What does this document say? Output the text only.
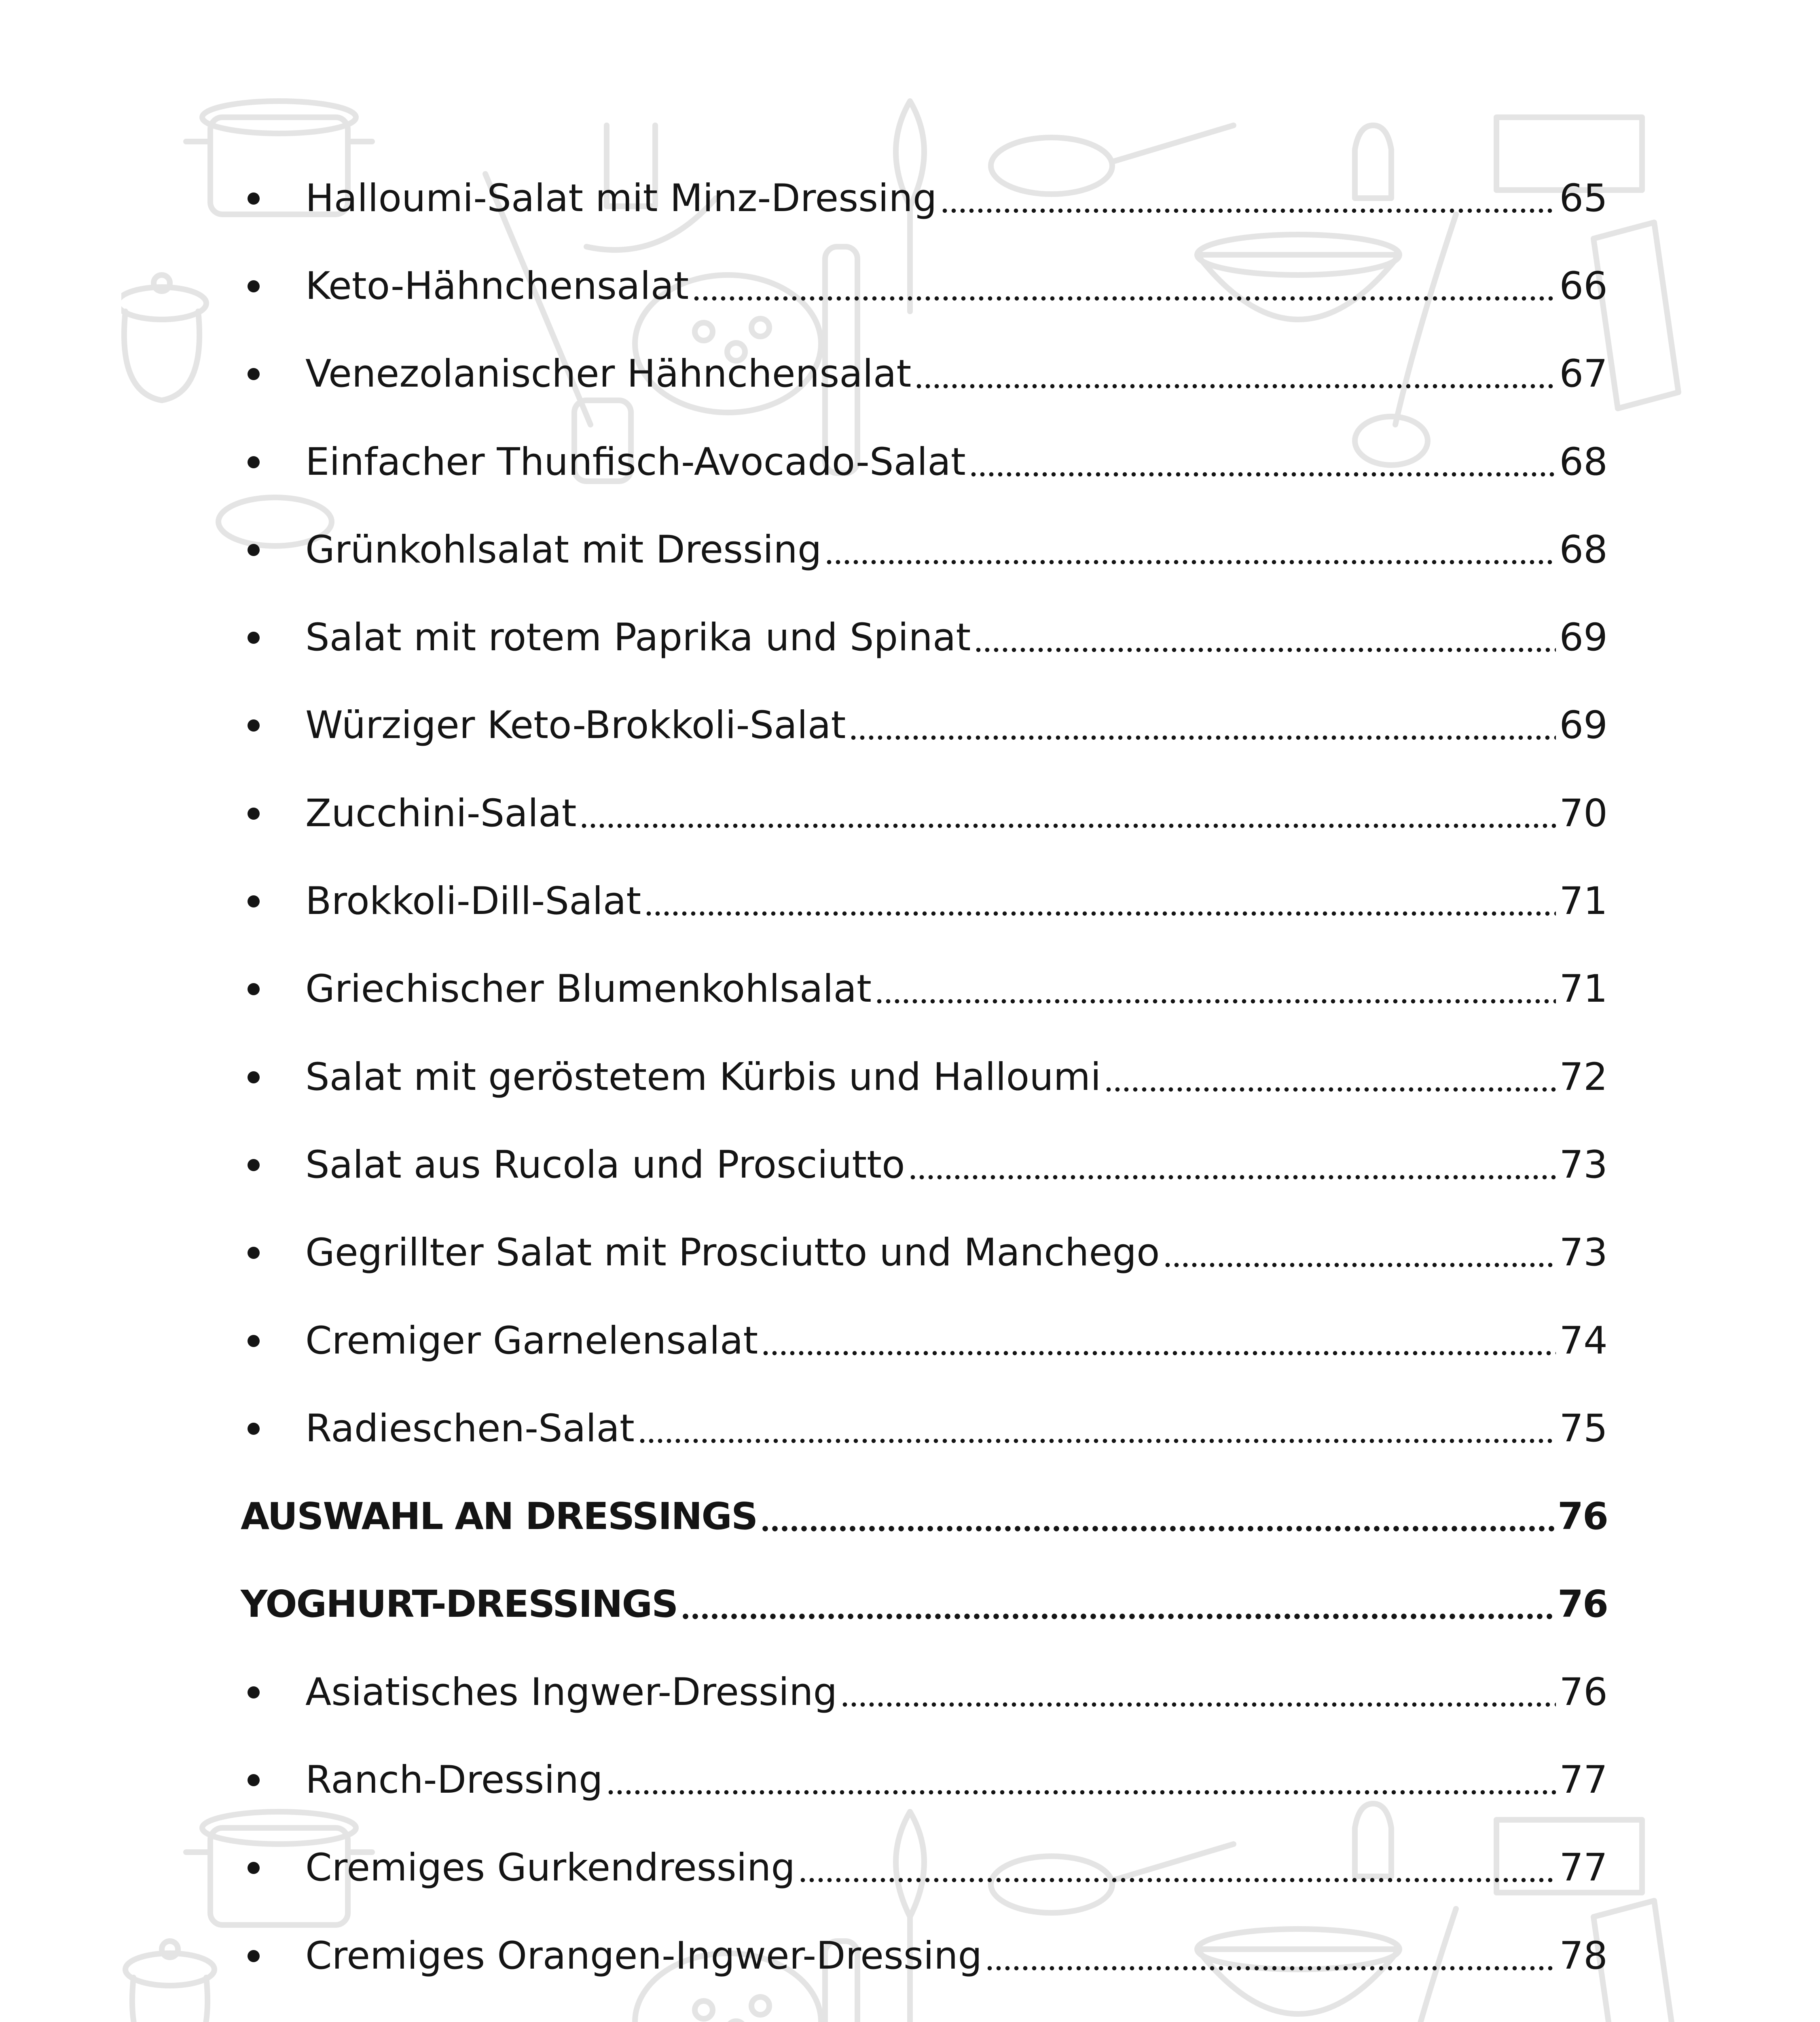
Halloumi-Salat mit Minz-Dressing	65
Keto-Hähnchensalat	66
Venezolanischer Hähnchensalat	67
Einfacher Thunfisch-Avocado-Salat	68
Grünkohlsalat mit Dressing	68
Salat mit rotem Paprika und Spinat	69
Würziger Keto-Brokkoli-Salat	69
Zucchini-Salat	70
Brokkoli-Dill-Salat	71
Griechischer Blumenkohlsalat	71
Salat mit geröstetem Kürbis und Halloumi	72
Salat aus Rucola und Prosciutto	73
Gegrillter Salat mit Prosciutto und Manchego	73
Cremiger Garnelensalat	74
Radieschen-Salat	75
AUSWAHL AN DRESSINGS	76
YOGHURT-DRESSINGS	76
Asiatisches Ingwer-Dressing	76
Ranch-Dressing	77
Cremiges Gurkendressing	77
Cremiges Orangen-Ingwer-Dressing	78
